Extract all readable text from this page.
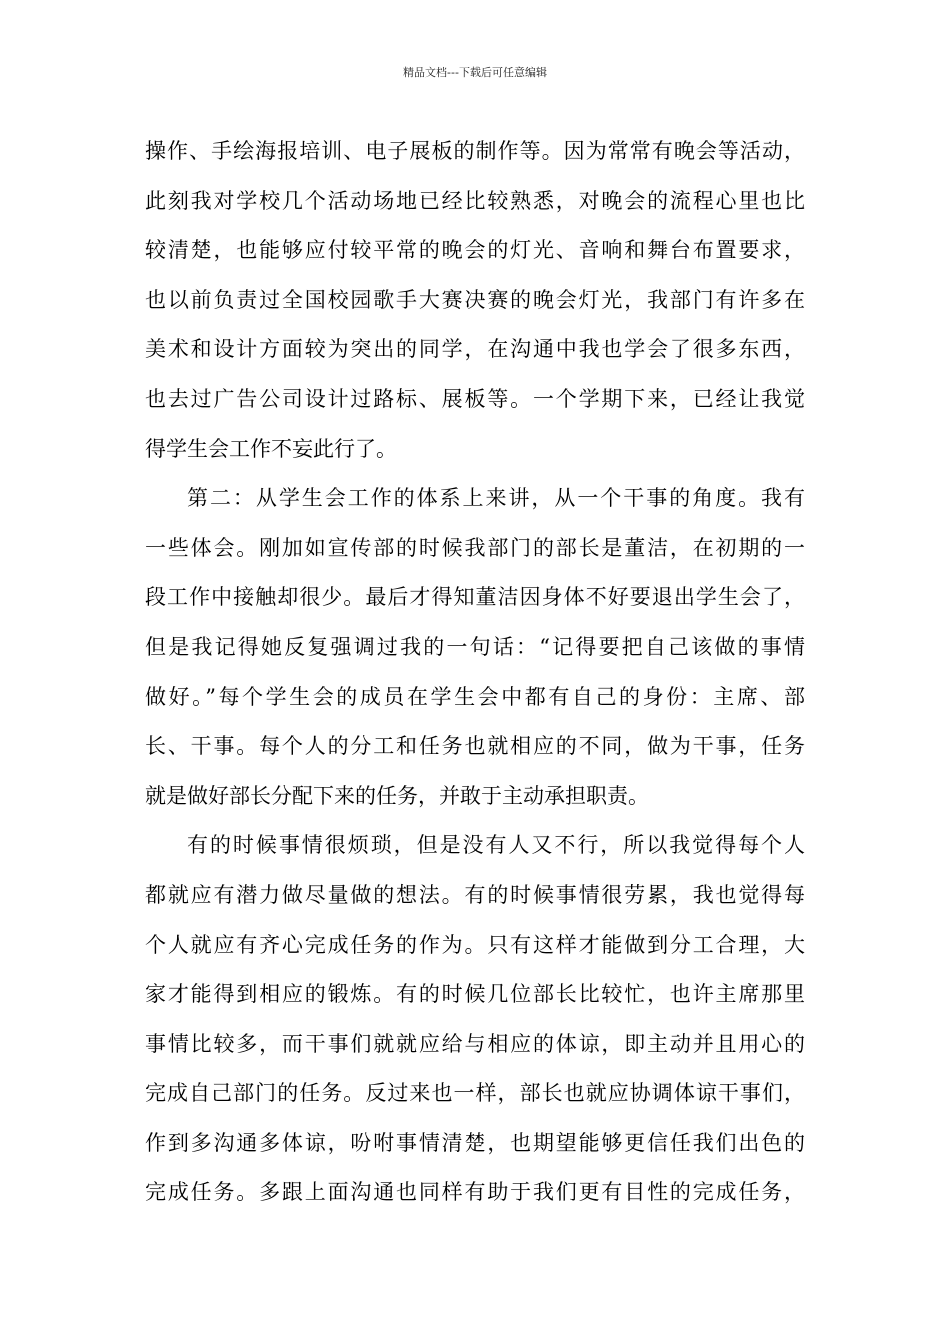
精品文档---下载后可任意编辑
操作、手绘海报培训、电子展板的制作等。因为常常有晚会等活动，
此刻我对学校几个活动场地已经比较熟悉，对晚会的流程心里也比
较清楚，也能够应付较平常的晚会的灯光、音响和舞台布置要求，
也以前负责过全国校园歌手大赛决赛的晚会灯光，我部门有许多在
美术和设计方面较为突出的同学，在沟通中我也学会了很多东西，
也去过广告公司设计过路标、展板等。一个学期下来，已经让我觉
得学生会工作不妄此行了。
第二：从学生会工作的体系上来讲，从一个干事的角度。我有
一些体会。刚加如宣传部的时候我部门的部长是董洁，在初期的一
段工作中接触却很少。最后才得知董洁因身体不好要退出学生会了，
但是我记得她反复强调过我的一句话：“记得要把自己该做的事情
做好。”每个学生会的成员在学生会中都有自己的身份：主席、部
长、干事。每个人的分工和任务也就相应的不同，做为干事，任务
就是做好部长分配下来的任务，并敢于主动承担职责。
有的时候事情很烦琐，但是没有人又不行，所以我觉得每个人
都就应有潜力做尽量做的想法。有的时候事情很劳累，我也觉得每
个人就应有齐心完成任务的作为。只有这样才能做到分工合理，大
家才能得到相应的锻炼。有的时候几位部长比较忙，也许主席那里
事情比较多，而干事们就就应给与相应的体谅，即主动并且用心的
完成自己部门的任务。反过来也一样，部长也就应协调体谅干事们，
作到多沟通多体谅，吩咐事情清楚，也期望能够更信任我们出色的
完成任务。多跟上面沟通也同样有助于我们更有目性的完成任务，
